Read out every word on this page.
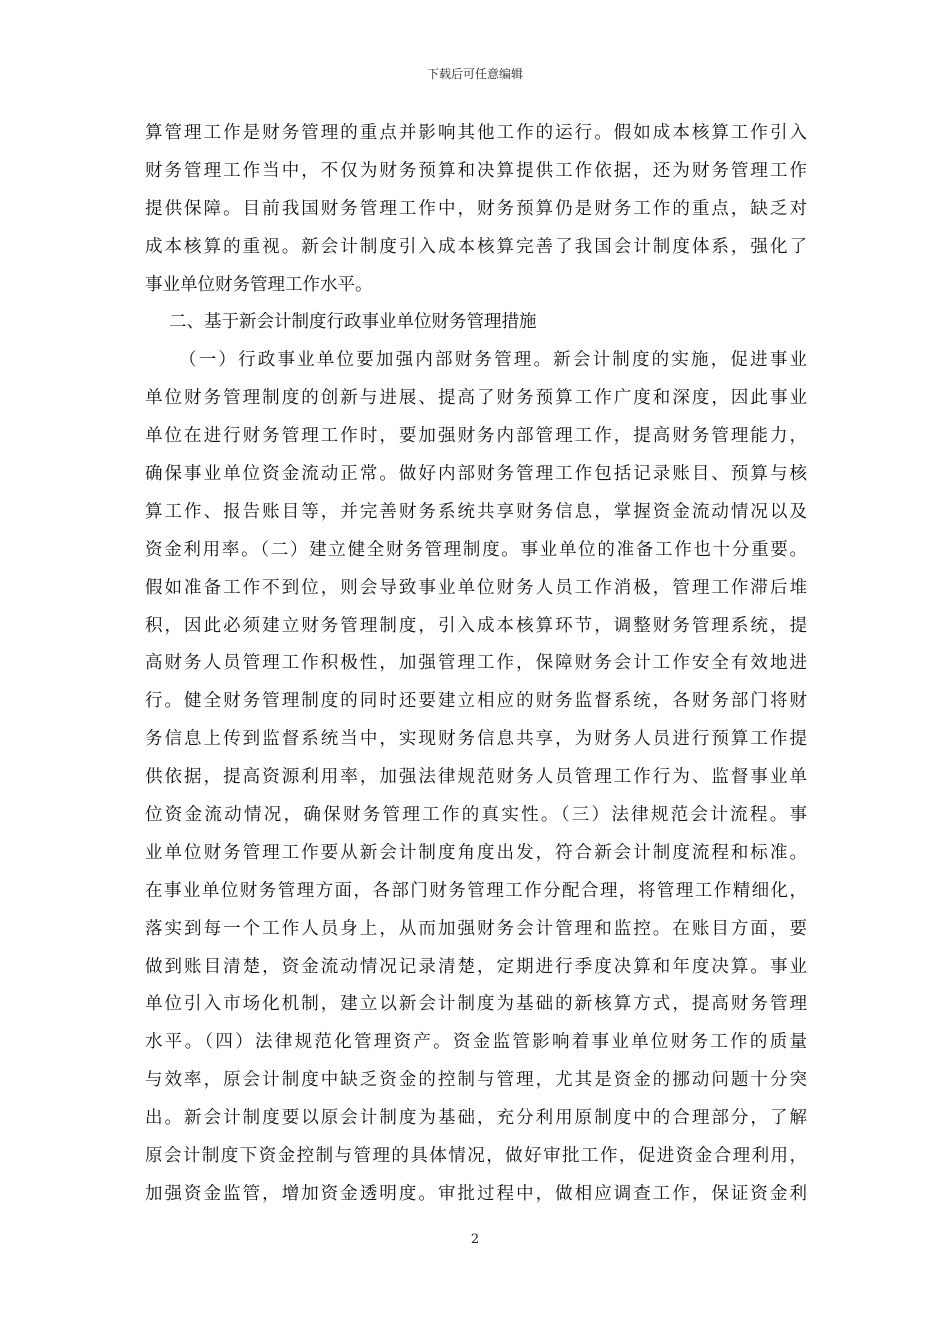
下载后可任意编辑
算管理工作是财务管理的重点并影响其他工作的运行。假如成本核算工作引入
财务管理工作当中，不仅为财务预算和决算提供工作依据，还为财务管理工作
提供保障。目前我国财务管理工作中，财务预算仍是财务工作的重点，缺乏对
成本核算的重视。新会计制度引入成本核算完善了我国会计制度体系，强化了
事业单位财务管理工作水平。
二、基于新会计制度行政事业单位财务管理措施
（一）行政事业单位要加强内部财务管理。新会计制度的实施，促进事业
单位财务管理制度的创新与进展、提高了财务预算工作广度和深度，因此事业
单位在进行财务管理工作时，要加强财务内部管理工作，提高财务管理能力，
确保事业单位资金流动正常。做好内部财务管理工作包括记录账目、预算与核
算工作、报告账目等，并完善财务系统共享财务信息，掌握资金流动情况以及
资金利用率。（二）建立健全财务管理制度。事业单位的准备工作也十分重要。
假如准备工作不到位，则会导致事业单位财务人员工作消极，管理工作滞后堆
积，因此必须建立财务管理制度，引入成本核算环节，调整财务管理系统，提
高财务人员管理工作积极性，加强管理工作，保障财务会计工作安全有效地进
行。健全财务管理制度的同时还要建立相应的财务监督系统，各财务部门将财
务信息上传到监督系统当中，实现财务信息共享，为财务人员进行预算工作提
供依据，提高资源利用率，加强法律规范财务人员管理工作行为、监督事业单
位资金流动情况，确保财务管理工作的真实性。（三）法律规范会计流程。事
业单位财务管理工作要从新会计制度角度出发，符合新会计制度流程和标准。
在事业单位财务管理方面，各部门财务管理工作分配合理，将管理工作精细化，
落实到每一个工作人员身上，从而加强财务会计管理和监控。在账目方面，要
做到账目清楚，资金流动情况记录清楚，定期进行季度决算和年度决算。事业
单位引入市场化机制，建立以新会计制度为基础的新核算方式，提高财务管理
水平。（四）法律规范化管理资产。资金监管影响着事业单位财务工作的质量
与效率，原会计制度中缺乏资金的控制与管理，尤其是资金的挪动问题十分突
出。新会计制度要以原会计制度为基础，充分利用原制度中的合理部分，了解
原会计制度下资金控制与管理的具体情况，做好审批工作，促进资金合理利用，
加强资金监管，增加资金透明度。审批过程中，做相应调查工作，保证资金利
2
